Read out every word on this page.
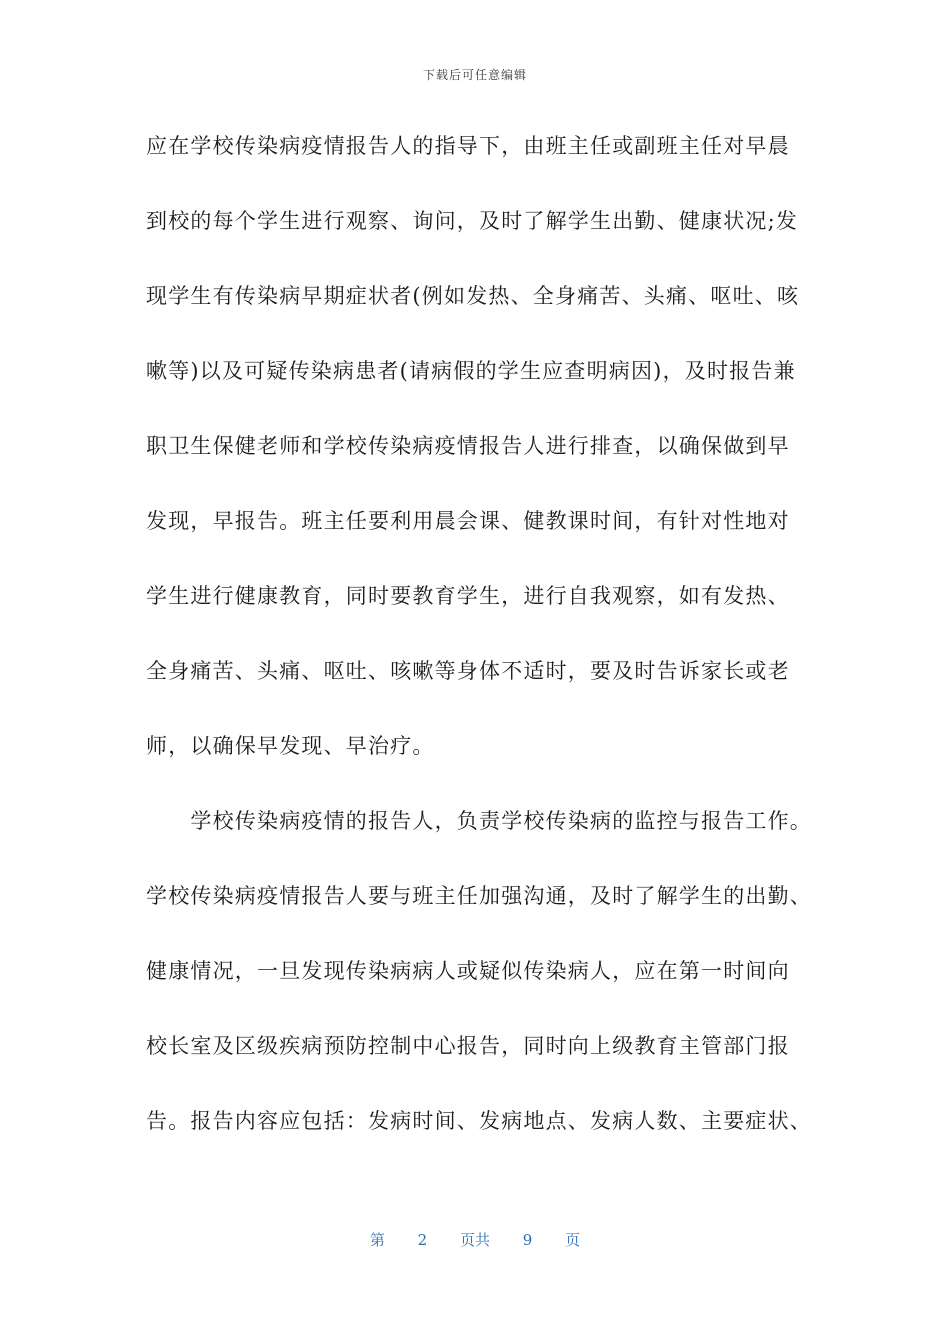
下载后可任意编辑
应在学校传染病疫情报告人的指导下，由班主任或副班主任对早晨
到校的每个学生进行观察、询问，及时了解学生出勤、健康状况;发
现学生有传染病早期症状者(例如发热、全身痛苦、头痛、呕吐、咳
嗽等)以及可疑传染病患者(请病假的学生应查明病因)，及时报告兼
职卫生保健老师和学校传染病疫情报告人进行排查，以确保做到早
发现，早报告。班主任要利用晨会课、健教课时间，有针对性地对
学生进行健康教育，同时要教育学生，进行自我观察，如有发热、
全身痛苦、头痛、呕吐、咳嗽等身体不适时，要及时告诉家长或老
师，以确保早发现、早治疗。
　　学校传染病疫情的报告人，负责学校传染病的监控与报告工作。
学校传染病疫情报告人要与班主任加强沟通，及时了解学生的出勤、
健康情况，一旦发现传染病病人或疑似传染病人，应在第一时间向
校长室及区级疾病预防控制中心报告，同时向上级教育主管部门报
告。报告内容应包括：发病时间、发病地点、发病人数、主要症状、
第 2 页共 9 页
